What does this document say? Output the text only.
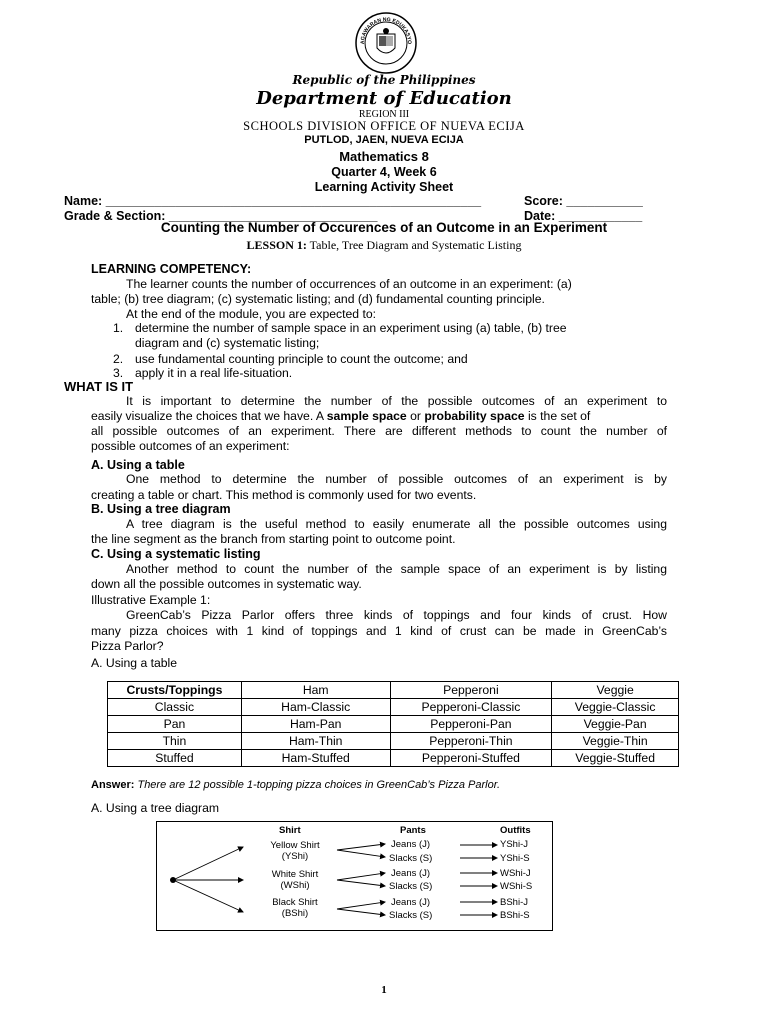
AGAWARAN NG EDUKASYO
Republic of the Philippines
Department of Education
REGION III
SCHOOLS DIVISION OFFICE OF NUEVA ECIJA
PUTLOD, JAEN, NUEVA ECIJA
Mathematics 8
Quarter 4, Week 6
Learning Activity Sheet
Name: ______________________________________________________	Score: ___________
Grade & Section: ______________________________	Date: ____________
Counting the Number of Occurences of an Outcome in an Experiment
LESSON 1: Table, Tree Diagram and Systematic Listing
LEARNING COMPETENCY:
The learner counts the number of occurrences of an outcome in an experiment: (a)
table; (b) tree diagram; (c) systematic listing; and (d) fundamental counting principle.
At the end of the module, you are expected to:
1. determine the number of sample space in an experiment using (a) table, (b) tree
diagram and (c) systematic listing;
2. use fundamental counting principle to count the outcome; and
3. apply it in a real life-situation.
WHAT IS IT
It is important to determine the number of the possible outcomes of an experiment to
easily visualize the choices that we have. A sample space or probability space is the set of
all possible outcomes of an experiment. There are different methods to count the number of
possible outcomes of an experiment:
A. Using a table
One method to determine the number of possible outcomes of an experiment is by
creating a table or chart. This method is commonly used for two events.
B. Using a tree diagram
A tree diagram is the useful method to easily enumerate all the possible outcomes using
the line segment as the branch from starting point to outcome point.
C. Using a systematic listing
Another method to count the number of the sample space of an experiment is by listing
down all the possible outcomes in systematic way.
Illustrative Example 1:
GreenCab’s Pizza Parlor offers three kinds of toppings and four kinds of crust. How
many pizza choices with 1 kind of toppings and 1 kind of crust can be made in GreenCab’s
Pizza Parlor?
A. Using a table
Crusts/Toppings	Ham	Pepperoni	Veggie
Classic	Ham-Classic	Pepperoni-Classic	Veggie-Classic
Pan	Ham-Pan	Pepperoni-Pan	Veggie-Pan
Thin	Ham-Thin	Pepperoni-Thin	Veggie-Thin
Stuffed	Ham-Stuffed	Pepperoni-Stuffed	Veggie-Stuffed
Answer: There are 12 possible 1-topping pizza choices in GreenCab’s Pizza Parlor.
A. Using a tree diagram
Shirt	Pants	Outfits
Yellow Shirt
(YShi)
White Shirt
(WShi)
Black Shirt
(BShi)
Jeans (J)
Slacks (S)
Jeans (J)
Slacks (S)
Jeans (J)
Slacks (S)
YShi-J
YShi-S
WShi-J
WShi-S
BShi-J
BShi-S
1
